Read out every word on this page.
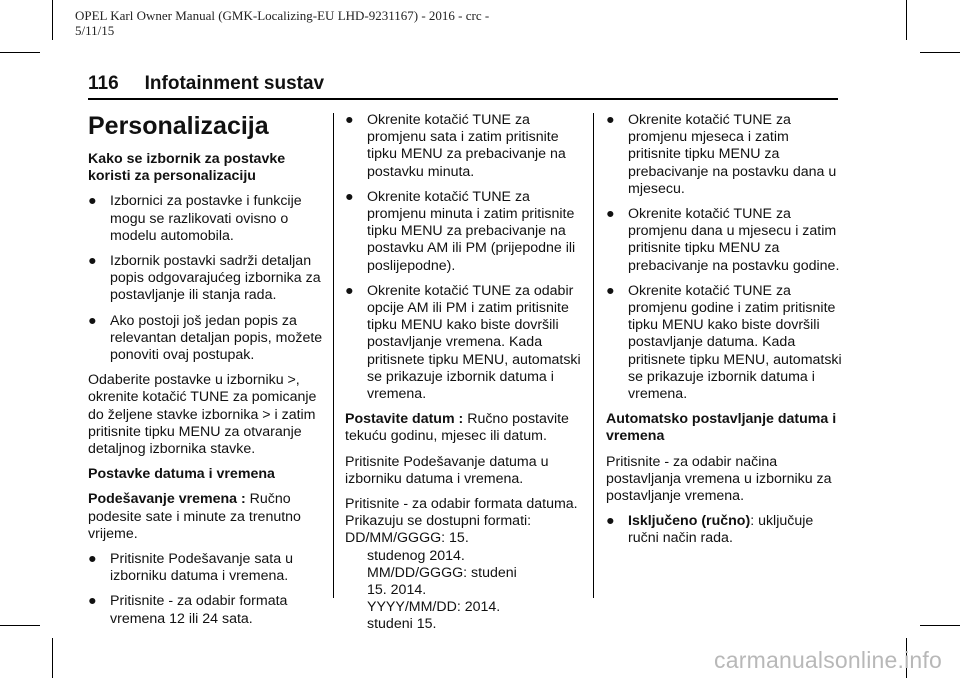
OPEL Karl Owner Manual (GMK-Localizing-EU LHD-9231167) - 2016 - crc -
5/11/15
116 Infotainment sustav
Personalizacija

Kako se izbornik za postavke koristi za personalizaciju

● Izbornici za postavke i funkcije mogu se razlikovati ovisno o modelu automobila.
● Izbornik postavki sadrži detaljan popis odgovarajućeg izbornika za postavljanje ili stanja rada.
● Ako postoji još jedan popis za relevantan detaljan popis, možete ponoviti ovaj postupak.

Odaberite postavke u izborniku >, okrenite kotačić TUNE za pomicanje do željene stavke izbornika > i zatim pritisnite tipku MENU za otvaranje detaljnog izbornika stavke.

Postavke datuma i vremena

Podešavanje vremena : Ručno podesite sate i minute za trenutno vrijeme.

● Pritisnite Podešavanje sata u izborniku datuma i vremena.
● Pritisnite - za odabir formata vremena 12 ili 24 sata.
● Okrenite kotačić TUNE za promjenu sata i zatim pritisnite tipku MENU za prebacivanje na postavku minuta.
● Okrenite kotačić TUNE za promjenu minuta i zatim pritisnite tipku MENU za prebacivanje na postavku AM ili PM (prijepodne ili poslijepodne).
● Okrenite kotačić TUNE za odabir opcije AM ili PM i zatim pritisnite tipku MENU kako biste dovršili postavljanje vremena. Kada pritisnete tipku MENU, automatski se prikazuje izbornik datuma i vremena.

Postavite datum : Ručno postavite tekuću godinu, mjesec ili datum.

Pritisnite Podešavanje datuma u izborniku datuma i vremena.

Pritisnite - za odabir formata datuma. Prikazuju se dostupni formati: DD/MM/GGGG: 15.
studenog 2014.
MM/DD/GGGG: studeni
15. 2014.
YYYY/MM/DD: 2014.
studeni 15.

● Okrenite kotačić TUNE za promjenu mjeseca i zatim pritisnite tipku MENU za prebacivanje na postavku dana u mjesecu.
● Okrenite kotačić TUNE za promjenu dana u mjesecu i zatim pritisnite tipku MENU za prebacivanje na postavku godine.
● Okrenite kotačić TUNE za promjenu godine i zatim pritisnite tipku MENU kako biste dovršili postavljanje datuma. Kada pritisnete tipku MENU, automatski se prikazuje izbornik datuma i vremena.

Automatsko postavljanje datuma i vremena

Pritisnite - za odabir načina postavljanja vremena u izborniku za postavljanje vremena.

● Isključeno (ručno): uključuje ručni način rada.
carmanualsonline.info
